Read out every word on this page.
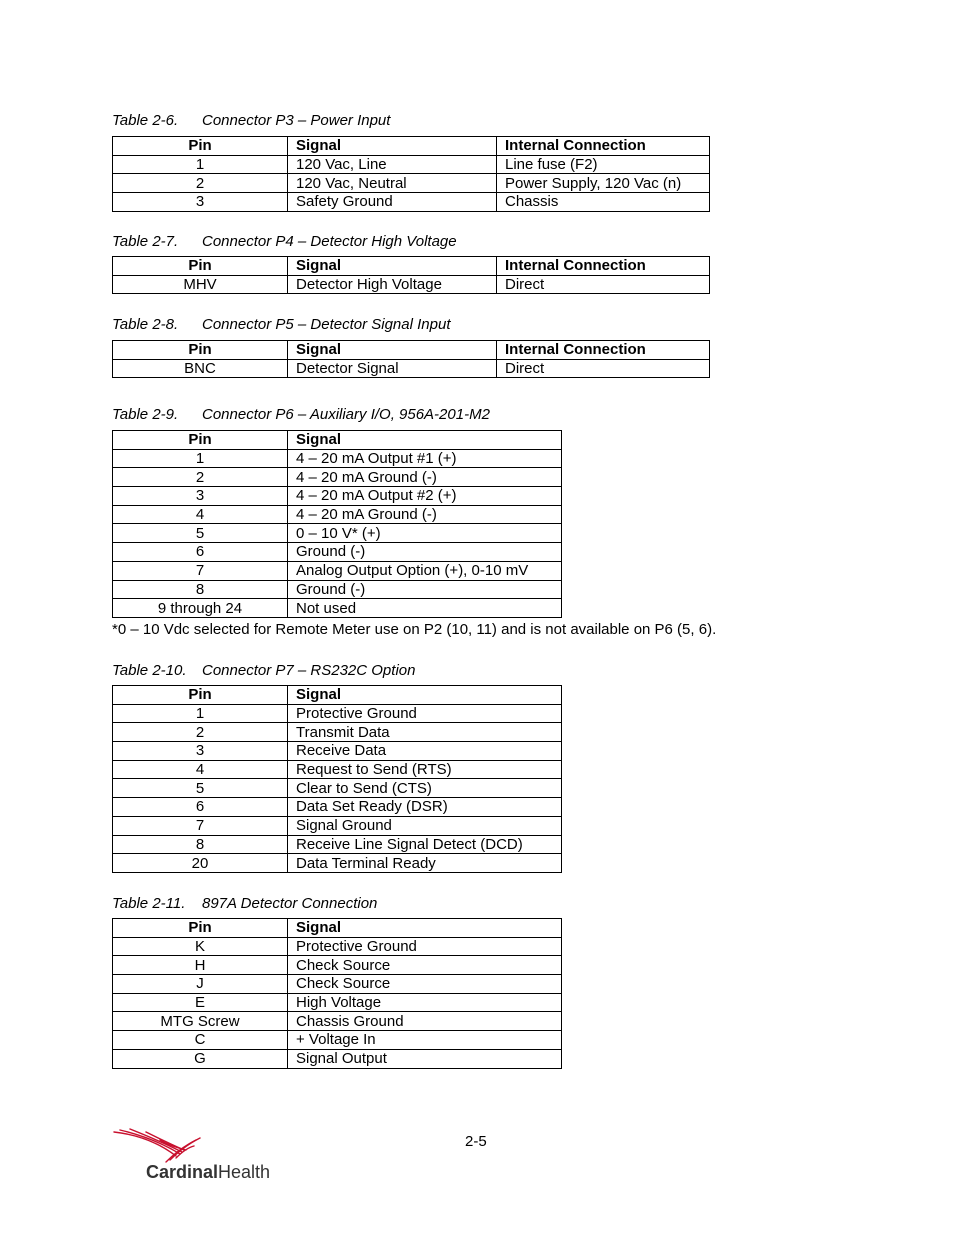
Table 2-6. Connector P3 – Power Input
Pin	Signal	Internal Connection
1	120 Vac, Line	Line fuse (F2)
2	120 Vac, Neutral	Power Supply, 120 Vac (n)
3	Safety Ground	Chassis
Table 2-7. Connector P4 – Detector High Voltage
Pin	Signal	Internal Connection
MHV	Detector High Voltage	Direct
Table 2-8. Connector P5 – Detector Signal Input
Pin	Signal	Internal Connection
BNC	Detector Signal	Direct
Table 2-9. Connector P6 – Auxiliary I/O, 956A-201-M2
Pin	Signal
1	4 – 20 mA Output #1 (+)
2	4 – 20 mA Ground (-)
3	4 – 20 mA Output #2 (+)
4	4 – 20 mA Ground (-)
5	0 – 10 V* (+)
6	Ground (-)
7	Analog Output Option (+), 0-10 mV
8	Ground (-)
9 through 24	Not used
*0 – 10 Vdc selected for Remote Meter use on P2 (10, 11) and is not available on P6 (5, 6).
Table 2-10. Connector P7 – RS232C Option
Pin	Signal
1	Protective Ground
2	Transmit Data
3	Receive Data
4	Request to Send (RTS)
5	Clear to Send (CTS)
6	Data Set Ready (DSR)
7	Signal Ground
8	Receive Line Signal Detect (DCD)
20	Data Terminal Ready
Table 2-11. 897A Detector Connection
Pin	Signal
K	Protective Ground
H	Check Source
J	Check Source
E	High Voltage
MTG Screw	Chassis Ground
C	+ Voltage In
G	Signal Output
CardinalHealth
2-5
